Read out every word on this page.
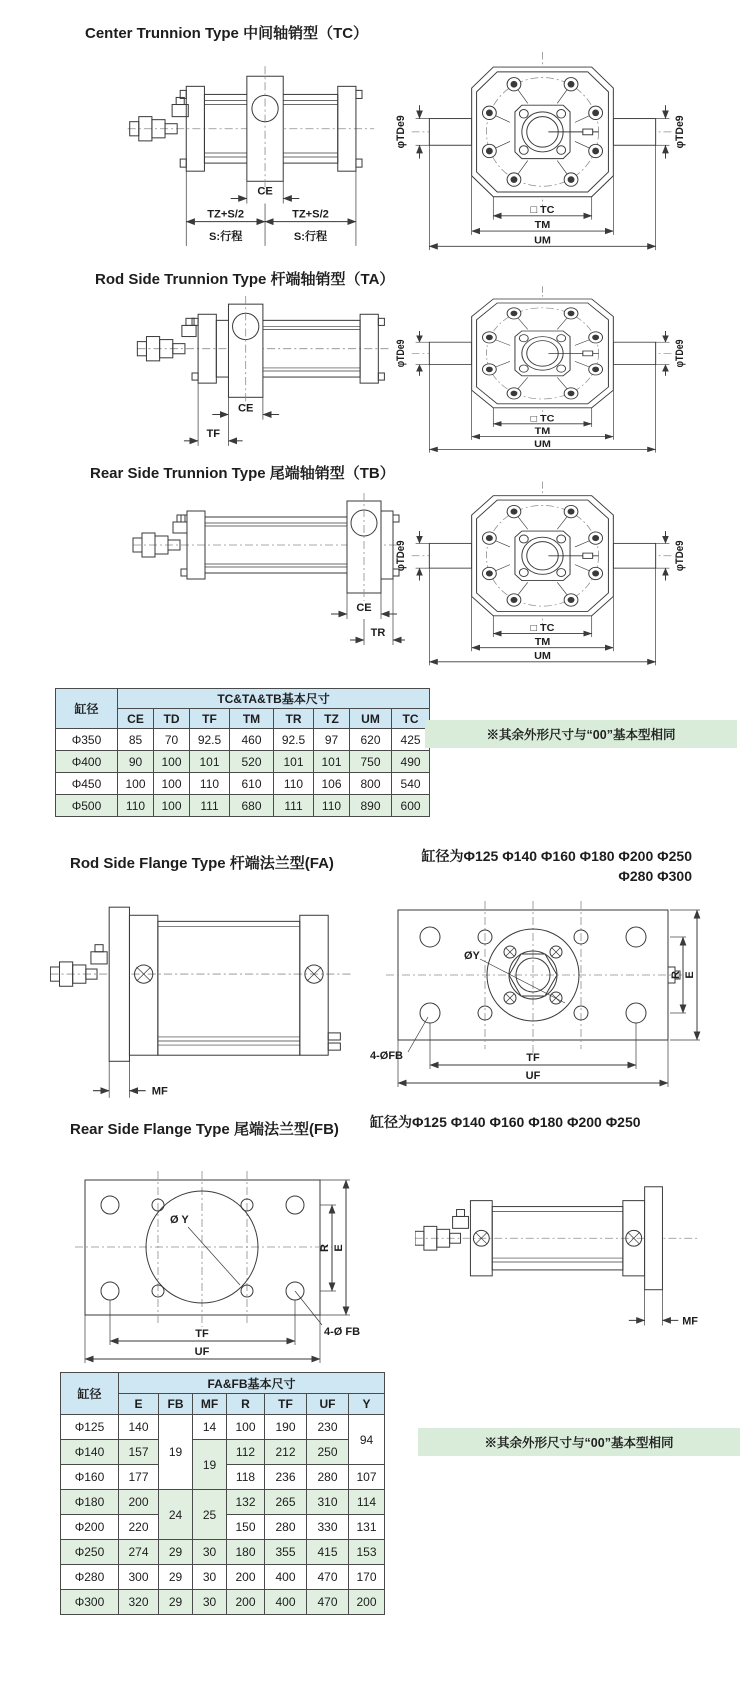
Center Trunnion Type 中间轴销型（TC）
CE
TZ+S/2	TZ+S/2
S:行程	S:行程
φTDe9	φTDe9
□ TC
TM
UM
Rod Side Trunnion Type 杆端轴销型（TA）
CE
TF
φTDe9	φTDe9
□ TC
TM
UM
Rear Side Trunnion Type 尾端轴销型（TB）
CE
TR
φTDe9	φTDe9
□ TC
TM
UM
缸径	TC&TA&TB基本尺寸							
	CE	TD	TF	TM	TR	TZ	UM	TC
Φ350	85	70	92.5	460	92.5	97	620	425
Φ400	90	100	101	520	101	101	750	490
Φ450	100	100	110	610	110	106	800	540
Φ500	110	100	111	680	111	110	890	600
※其余外形尺寸与“00”基本型相同
Rod Side Flange Type 杆端法兰型(FA)	缸径为Φ125 Φ140 Φ160 Φ180 Φ200 Φ250
Φ280 Φ300
MF
ØY
R E
TF
UF
4-ØFB
Rear Side Flange Type 尾端法兰型(FB) 缸径为Φ125 Φ140 Φ160 Φ180 Φ200 Φ250
Ø Y
R E
TF
UF
4-Ø FB
MF
缸径	FA&FB基本尺寸						
	E	FB	MF	R	TF	UF	Y
Φ125	140	19	14	100	190	230	94
Φ140	157		19	112	212	250	
Φ160	177			118	236	280	107
Φ180	200	24	25	132	265	310	114
Φ200	220			150	280	330	131
Φ250	274	29	30	180	355	415	153
Φ280	300	29	30	200	400	470	170
Φ300	320	29	30	200	400	470	200
※其余外形尺寸与“00”基本型相同
